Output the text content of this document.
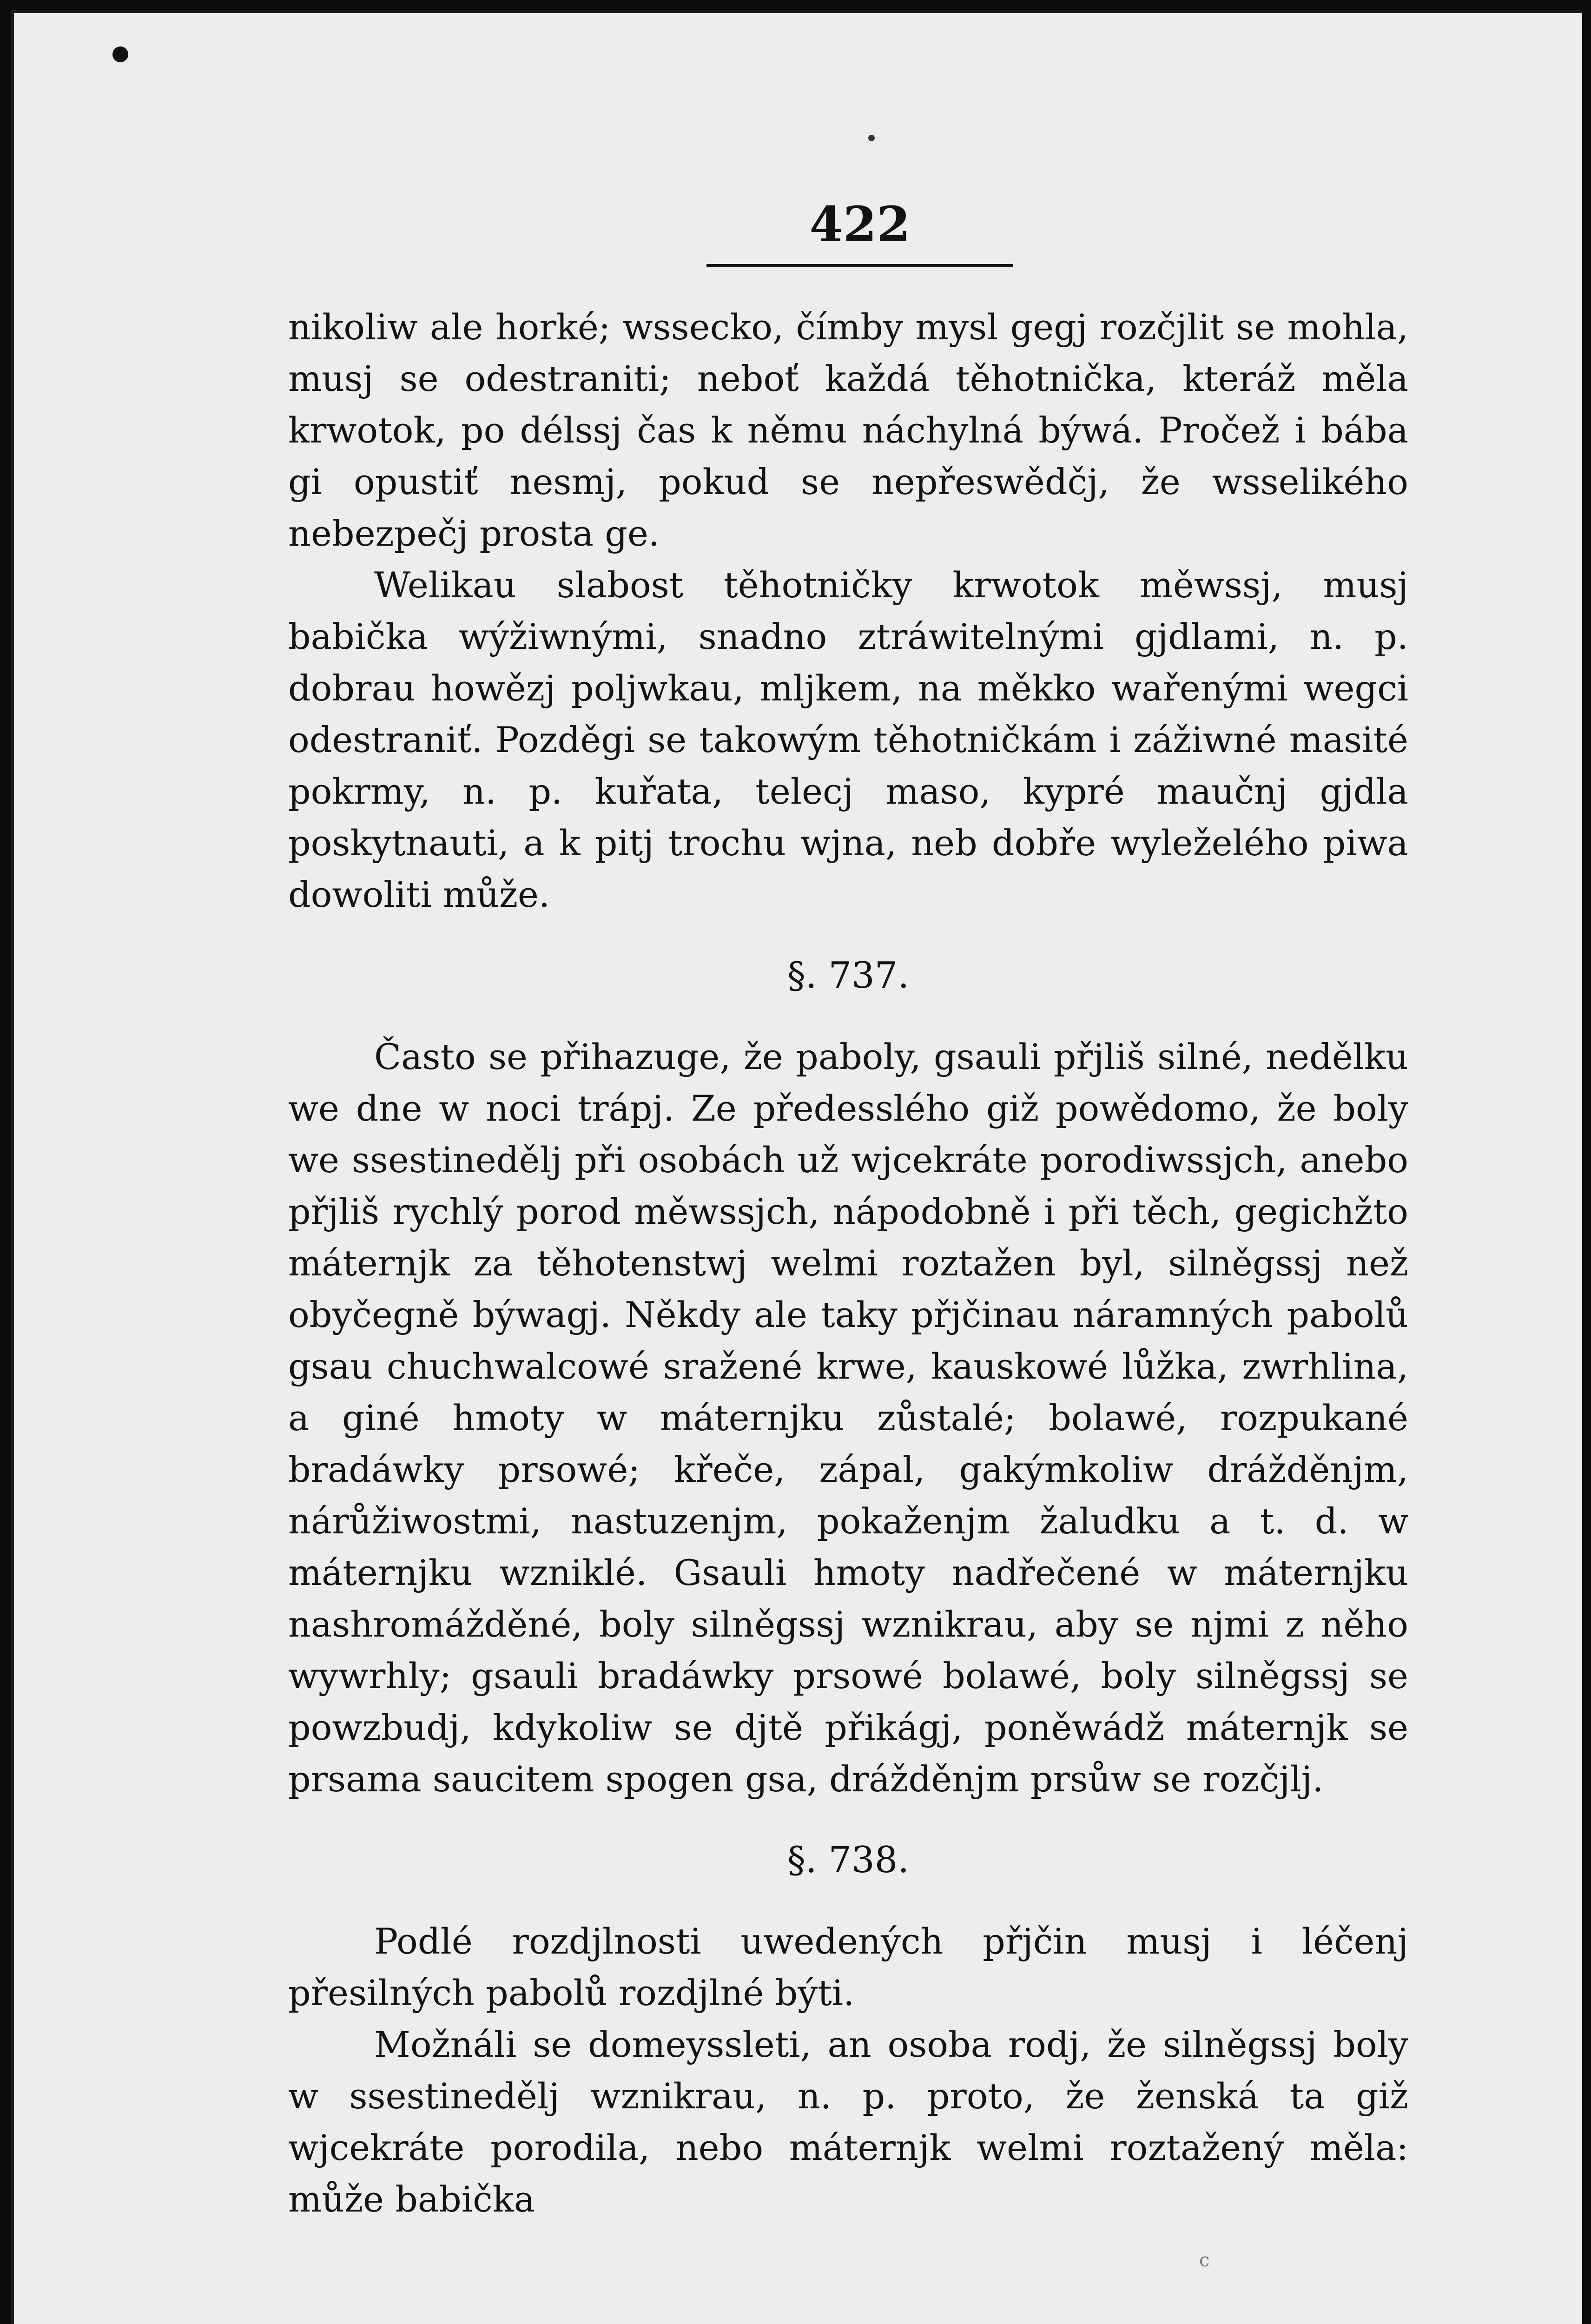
422

nikoliw ale horké; wssecko, čímby mysl gegj rozčjlit se mohla, musj se odestraniti; neboť každá těhotnička, kteráž měla krwotok, po délssj čas k němu náchylná býwá. Pročež i bába gi opustiť nesmj, pokud se nepřeswědčj, že wsselikého nebezpečj prosta ge.

Welikau slabost těhotničky krwotok měwssj, musj babička wýžiwnými, snadno ztráwitelnými gjdlami, n. p. dobrau howězj poljwkau, mljkem, na měkko wařenými wegci odestraniť. Pozděgi se takowým těhotničkám i zážiwné masité pokrmy, n. p. kuřata, telecj maso, kypré maučnj gjdla poskytnauti, a k pitj trochu wjna, neb dobře wyleželého piwa dowoliti může.

§. 737.

Často se přihazuge, že paboly, gsauli přjliš silné, nedělku we dne w noci trápj. Ze předesslého giž powědomo, že boly we ssestinedělj při osobách už wjcekráte porodiwssjch, anebo přjliš rychlý porod měwssjch, nápodobně i při těch, gegichžto máternjk za těhotenstwj welmi roztažen byl, silněgssj než obyčegně býwagj. Někdy ale taky přjčinau náramných pabolů gsau chuchwalcowé sražené krwe, kauskowé lůžka, zwrhlina, a giné hmoty w máternjku zůstalé; bolawé, rozpukané bradáwky prsowé; křeče, zápal, gakýmkoliw drážděnjm, nárůžiwostmi, nastuzenjm, pokaženjm žaludku a t. d. w máternjku wzniklé. Gsauli hmoty nadřečené w máternjku nashromážděné, boly silněgssj wznikrau, aby se njmi z něho wywrhly; gsauli bradáwky prsowé bolawé, boly silněgssj se powzbudj, kdykoliw se djtě přikágj, poněwádž máternjk se prsama saucitem spogen gsa, drážděnjm prsůw se rozčjlj.

§. 738.

Podlé rozdjlnosti uwedených přjčin musj i léčenj přesilných pabolů rozdjlné býti.

Možnáli se domeyssleti, an osoba rodj, že silněgssj boly w ssestinedělj wznikrau, n. p. proto, že ženská ta giž wjcekráte porodila, nebo máternjk welmi roztažený měla: může babička

ⅽ
